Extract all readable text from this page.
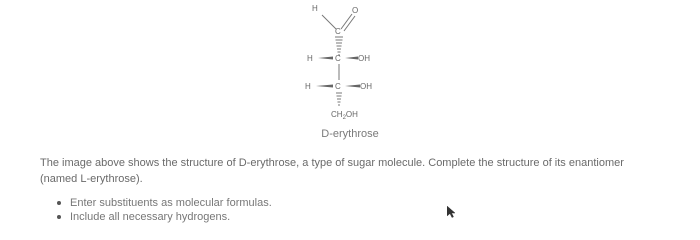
H
C
O
H	C OH
H	C OH
$CH_2OH$
D-erythrose
The image above shows the structure of D-erythrose, a type of sugar molecule. Complete the structure of its enantiomer (named L-erythrose).
Enter substituents as molecular formulas.
Include all necessary hydrogens.
